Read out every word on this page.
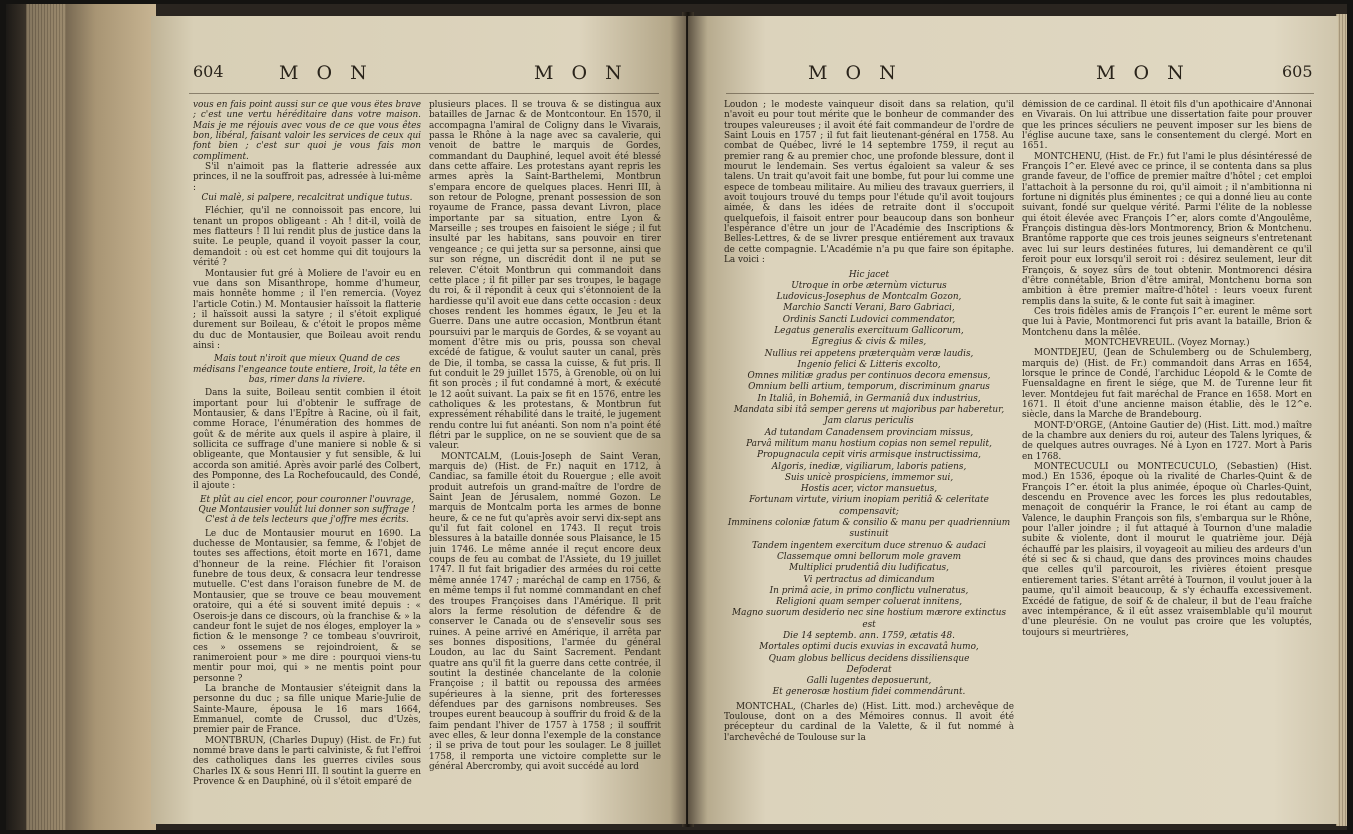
604	M O N	M O N

vous en fais point aussi sur ce que vous êtes brave ; c'est une vertu héréditaire dans votre maison. Mais je me réjouis avec vous de ce que vous êtes bon, libéral, faisant valoir les services de ceux qui font bien ; c'est sur quoi je vous fais mon compliment.

S'il n'aimoit pas la flatterie adressée aux princes, il ne la souffroit pas, adressée à lui-même :

Cui malè, si palpere, recalcitrat undique tutus.

Fléchier, qu'il ne connoissoit pas encore, lui tenant un propos obligeant : Ah ! dit-il, voilà de mes flatteurs ! Il lui rendit plus de justice dans la suite. Le peuple, quand il voyoit passer la cour, demandoit : où est cet homme qui dit toujours la vérité ?

Montausier fut gré à Moliere de l'avoir eu en vue dans son Misanthrope, homme d'humeur, mais honnête homme ; il l'en remercia. (Voyez l'article Cotin.) M. Montausier haïssoit la flatterie ; il haïssoit aussi la satyre ; il s'étoit expliqué durement sur Boileau, & c'étoit le propos même du duc de Montausier, que Boileau avoit rendu ainsi :

Mais tout n'iroit que mieux Quand de ces médisans l'engeance toute entiere, Iroit, la tête en bas, rimer dans la riviere.

Dans la suite, Boileau sentit combien il étoit important pour lui d'obtenir le suffrage de Montausier, & dans l'Epître à Racine, où il fait, comme Horace, l'énumération des hommes de goût & de mérite aux quels il aspire à plaire, il sollicita ce suffrage d'une maniere si noble & si obligeante, que Montausier y fut sensible, & lui accorda son amitié. Après avoir parlé des Colbert, des Pomponne, des La Rochefoucauld, des Condé, il ajoute :

Et plût au ciel encor, pour couronner l'ouvrage, Que Montausier voulût lui donner son suffrage ! C'est à de tels lecteurs que j'offre mes écrits.

Le duc de Montausier mourut en 1690. La duchesse de Montausier, sa femme, & l'objet de toutes ses affections, étoit morte en 1671, dame d'honneur de la reine. Fléchier fit l'oraison funebre de tous deux, & consacra leur tendresse mutuelle. C'est dans l'oraison funebre de M. de Montausier, que se trouve ce beau mouvement oratoire, qui a été si souvent imité depuis : « Oserois-je dans ce discours, où la franchise & » la candeur font le sujet de nos éloges, employer la » fiction & le mensonge ? ce tombeau s'ouvriroit, ces » ossemens se rejoindroient, & se ranimeroient pour » me dire : pourquoi viens-tu mentir pour moi, qui » ne mentis point pour personne ?

La branche de Montausier s'éteignit dans la personne du duc ; sa fille unique Marie-Julie de Sainte-Maure, épousa le 16 mars 1664, Emmanuel, comte de Crussol, duc d'Uzès, premier pair de France.

MONTBRUN, (Charles Dupuy) (Hist. de Fr.) fut nommé brave dans le parti calviniste, & fut l'effroi des catholiques dans les guerres civiles sous Charles IX & sous Henri III. Il soutint la guerre en Provence & en Dauphiné, où il s'étoit emparé de

plusieurs places. Il se trouva & se distingua aux batailles de Jarnac & de Montcontour. En 1570, il accompagna l'amiral de Coligny dans le Vivarais, passa le Rhône à la nage avec sa cavalerie, qui venoit de battre le marquis de Gordes, commandant du Dauphiné, lequel avoit été blessé dans cette affaire. Les protestans ayant repris les armes après la Saint-Barthelemi, Montbrun s'empara encore de quelques places. Henri III, à son retour de Pologne, prenant possession de son royaume de France, passa devant Livron, place importante par sa situation, entre Lyon & Marseille ; ses troupes en faisoient le siége ; il fut insulté par les habitans, sans pouvoir en tirer vengeance ; ce qui jetta sur sa personne, ainsi que sur son régne, un discrédit dont il ne put se relever. C'étoit Montbrun qui commandoit dans cette place ; il fit piller par ses troupes, le bagage du roi, & il répondit à ceux qui s'étonnoient de la hardiesse qu'il avoit eue dans cette occasion : deux choses rendent les hommes égaux, le Jeu et la Guerre. Dans une autre occasion, Montbrun étant poursuivi par le marquis de Gordes, & se voyant au moment d'être mis ou pris, poussa son cheval excédé de fatigue, & voulut sauter un canal, près de Die, il tomba, se cassa la cuisse, & fut pris. Il fut conduit le 29 juillet 1575, à Grenoble, où on lui fit son procès ; il fut condamné à mort, & exécuté le 12 août suivant. La paix se fit en 1576, entre les catholiques & les protestans, & Montbrun fut expressément réhabilité dans le traité, le jugement rendu contre lui fut anéanti. Son nom n'a point été flétri par le supplice, on ne se souvient que de sa valeur.

MONTCALM, (Louis-Joseph de Saint Veran, marquis de) (Hist. de Fr.) naquit en 1712, à Candiac, sa famille étoit du Rouergue ; elle avoit produit autrefois un grand-maître de l'ordre de Saint Jean de Jérusalem, nommé Gozon. Le marquis de Montcalm porta les armes de bonne heure, & ce ne fut qu'après avoir servi dix-sept ans qu'il fut fait colonel en 1743. Il reçut trois blessures à la bataille donnée sous Plaisance, le 15 juin 1746. Le même année il reçut encore deux coups de feu au combat de l'Assiete, du 19 juillet 1747. Il fut fait brigadier des armées du roi cette même année 1747 ; maréchal de camp en 1756, & en même temps il fut nommé commandant en chef des troupes Françoises dans l'Amérique. Il prit alors la ferme résolution de défendre & de conserver le Canada ou de s'ensevelir sous ses ruines. A peine arrivé en Amérique, il arrêta par ses bonnes dispositions, l'armée du général Loudon, au lac du Saint Sacrement. Pendant quatre ans qu'il fit la guerre dans cette contrée, il soutint la destinée chancelante de la colonie Françoise ; il battit ou repoussa des armées supérieures à la sienne, prit des forteresses défendues par des garnisons nombreuses. Ses troupes eurent beaucoup à souffrir du froid & de la faim pendant l'hiver de 1757 à 1758 ; il souffrit avec elles, & leur donna l'exemple de la constance ; il se priva de tout pour les soulager. Le 8 juillet 1758, il remporta une victoire complette sur le général Abercromby, qui avoit succédé au lord

M O N	M O N	605

Loudon ; le modeste vainqueur disoit dans sa relation, qu'il n'avoit eu pour tout mérite que le bonheur de commander des troupes valeureuses ; il avoit été fait commandeur de l'ordre de Saint Louis en 1757 ; il fut fait lieutenant-général en 1758. Au combat de Québec, livré le 14 septembre 1759, il reçut au premier rang & au premier choc, une profonde blessure, dont il mourut le lendemain. Ses vertus égaloient sa valeur & ses talens. Un trait qu'avoit fait une bombe, fut pour lui comme une espece de tombeau militaire. Au milieu des travaux guerriers, il avoit toujours trouvé du temps pour l'étude qu'il avoit toujours aimée, & dans les idées de retraite dont il s'occupoit quelquefois, il faisoit entrer pour beaucoup dans son bonheur l'espérance d'être un jour de l'Académie des Inscriptions & Belles-Lettres, & de se livrer presque entiérement aux travaux de cette compagnie. L'Académie n'a pu que faire son épitaphe. La voici :

Hic jacet

Utroque in orbe æternùm victurus

Ludovicus-Josephus de Montcalm Gozon,

Marchio Sancti Verani, Baro Gabriaci,

Ordinis Sancti Ludovici commendator,

Legatus generalis exercituum Gallicorum,

Egregius & civis & miles,

Nullius rei appetens præterquàm veræ laudis,

Ingenio felici & Litteris excolto,

Omnes militiæ gradus per continuos decora emensus,

Omnium belli artium, temporum, discriminum gnarus

In Italiâ, in Bohemiâ, in Germaniâ dux industrius,

Mandata sibi itâ semper gerens ut majoribus par haberetur,

Jam clarus periculis

Ad tutandam Canadensem provinciam missus,

Parvâ militum manu hostium copias non semel repulit,

Propugnacula cepit viris armisque instructissima,

Algoris, inediæ, vigiliarum, laboris patiens,

Suis unicè prospiciens, immemor sui,

Hostis acer, victor mansuetus,

Fortunam virtute, virium inopiam peritiâ & celeritate compensavit;

Imminens coloniæ fatum & consilio & manu per quadriennium sustinuit

Tandem ingentem exercitum duce strenuo & audaci

Classemque omni bellorum mole gravem

Multiplici prudentiâ diu ludificatus,

Vi pertractus ad dimicandum

In primâ acie, in primo conflictu vulneratus,

Religioni quam semper coluerat innitens,

Magno suorum desiderio nec sine hostium mærore extinctus est

Die 14 septemb. ann. 1759, ætatis 48.

Mortales optimi ducis exuvias in excavatâ humo,

Quam globus bellicus decidens dissiliensque

Defoderat

Galli lugentes deposuerunt,

Et generosæ hostium fidei commendârunt.

MONTCHAL, (Charles de) (Hist. Litt. mod.) archevêque de Toulouse, dont on a des Mémoires connus. Il avoit été précepteur du cardinal de la Valette, & il fut nommé à l'archevêché de Toulouse sur la

démission de ce cardinal. Il étoit fils d'un apothicaire d'Annonai en Vivarais. On lui attribue une dissertation faite pour prouver que les princes séculiers ne peuvent imposer sur les biens de l'église aucune taxe, sans le consentement du clergé. Mort en 1651.

MONTCHENU, (Hist. de Fr.) fut l'ami le plus désintéressé de François I^er. Elevé avec ce prince, il se contenta dans sa plus grande faveur, de l'office de premier maître d'hôtel ; cet emploi l'attachoit à la personne du roi, qu'il aimoit ; il n'ambitionna ni fortune ni dignités plus éminentes ; ce qui a donné lieu au conte suivant, fondé sur quelque vérité. Parmi l'élite de la noblesse qui étoit élevée avec François I^er, alors comte d'Angoulême, François distingua dès-lors Montmorency, Brion & Montchenu. Brantôme rapporte que ces trois jeunes seigneurs s'entretenant avec lui sur leurs destinées futures, lui demandèrent ce qu'il feroit pour eux lorsqu'il seroit roi : désirez seulement, leur dit François, & soyez sûrs de tout obtenir. Montmorenci désira d'être connétable, Brion d'être amiral, Montchenu borna son ambition à être premier maître-d'hôtel : leurs voeux furent remplis dans la suite, & le conte fut sait à imaginer.

Ces trois fidèles amis de François I^er. eurent le même sort que lui à Pavie, Montmorenci fut pris avant la bataille, Brion & Montchenu dans la mêlée.

MONTCHEVREUIL. (Voyez Mornay.)

MONTDEJEU, (Jean de Schulemberg ou de Schulemberg, marquis de) (Hist. de Fr.) commandoit dans Arras en 1654, lorsque le prince de Condé, l'archiduc Léopold & le Comte de Fuensaldagne en firent le siége, que M. de Turenne leur fit lever. Montdejeu fut fait maréchal de France en 1658. Mort en 1671. Il étoit d'une ancienne maison établie, dès le 12^e. siècle, dans la Marche de Brandebourg.

MONT-D'ORGE, (Antoine Gautier de) (Hist. Litt. mod.) maître de la chambre aux deniers du roi, auteur des Talens lyriques, & de quelques autres ouvrages. Né à Lyon en 1727. Mort à Paris en 1768.

MONTECUCULI ou MONTECUCULO, (Sebastien) (Hist. mod.) En 1536, époque où la rivalité de Charles-Quint & de François I^er. étoit la plus animée, époque où Charles-Quint, descendu en Provence avec les forces les plus redoutables, menaçoit de conquérir la France, le roi étant au camp de Valence, le dauphin François son fils, s'embarqua sur le Rhône, pour l'aller joindre ; il fut attaqué à Tournon d'une maladie subite & violente, dont il mourut le quatrième jour. Déjà échauffé par les plaisirs, il voyageoit au milieu des ardeurs d'un été si sec & si chaud, que dans des provinces moins chaudes que celles qu'il parcouroit, les rivières étoient presque entierement taries. S'étant arrêté à Tournon, il voulut jouer à la paume, qu'il aimoit beaucoup, & s'y échauffa excessivement. Excédé de fatigue, de soif & de chaleur, il but de l'eau fraîche avec intempérance, & il eût assez vraisemblable qu'il mourut d'une pleurésie. On ne voulut pas croire que les voluptés, toujours si meurtrières,
